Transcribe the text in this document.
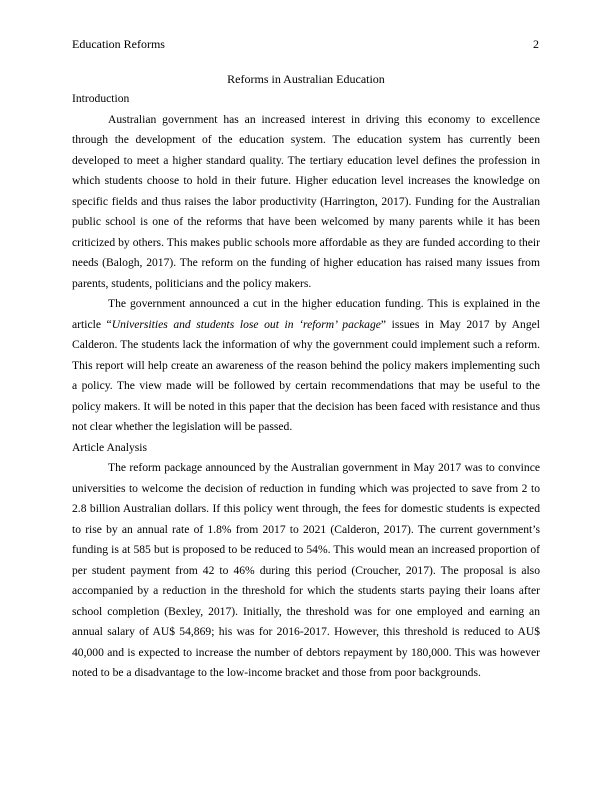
Education Reforms	2
Reforms in Australian Education

Introduction

Australian government has an increased interest in driving this economy to excellence through the development of the education system. The education system has currently been developed to meet a higher standard quality. The tertiary education level defines the profession in which students choose to hold in their future. Higher education level increases the knowledge on specific fields and thus raises the labor productivity (Harrington, 2017). Funding for the Australian public school is one of the reforms that have been welcomed by many parents while it has been criticized by others. This makes public schools more affordable as they are funded according to their needs (Balogh, 2017). The reform on the funding of higher education has raised many issues from parents, students, politicians and the policy makers.

The government announced a cut in the higher education funding. This is explained in the article “Universities and students lose out in ‘reform’ package” issues in May 2017 by Angel Calderon. The students lack the information of why the government could implement such a reform. This report will help create an awareness of the reason behind the policy makers implementing such a policy. The view made will be followed by certain recommendations that may be useful to the policy makers. It will be noted in this paper that the decision has been faced with resistance and thus not clear whether the legislation will be passed.

Article Analysis

The reform package announced by the Australian government in May 2017 was to convince universities to welcome the decision of reduction in funding which was projected to save from 2 to 2.8 billion Australian dollars. If this policy went through, the fees for domestic students is expected to rise by an annual rate of 1.8% from 2017 to 2021 (Calderon, 2017). The current government’s funding is at 585 but is proposed to be reduced to 54%. This would mean an increased proportion of per student payment from 42 to 46% during this period (Croucher, 2017). The proposal is also accompanied by a reduction in the threshold for which the students starts paying their loans after school completion (Bexley, 2017). Initially, the threshold was for one employed and earning an annual salary of AU$ 54,869; his was for 2016-2017. However, this threshold is reduced to AU$ 40,000 and is expected to increase the number of debtors repayment by 180,000. This was however noted to be a disadvantage to the low-income bracket and those from poor backgrounds.
